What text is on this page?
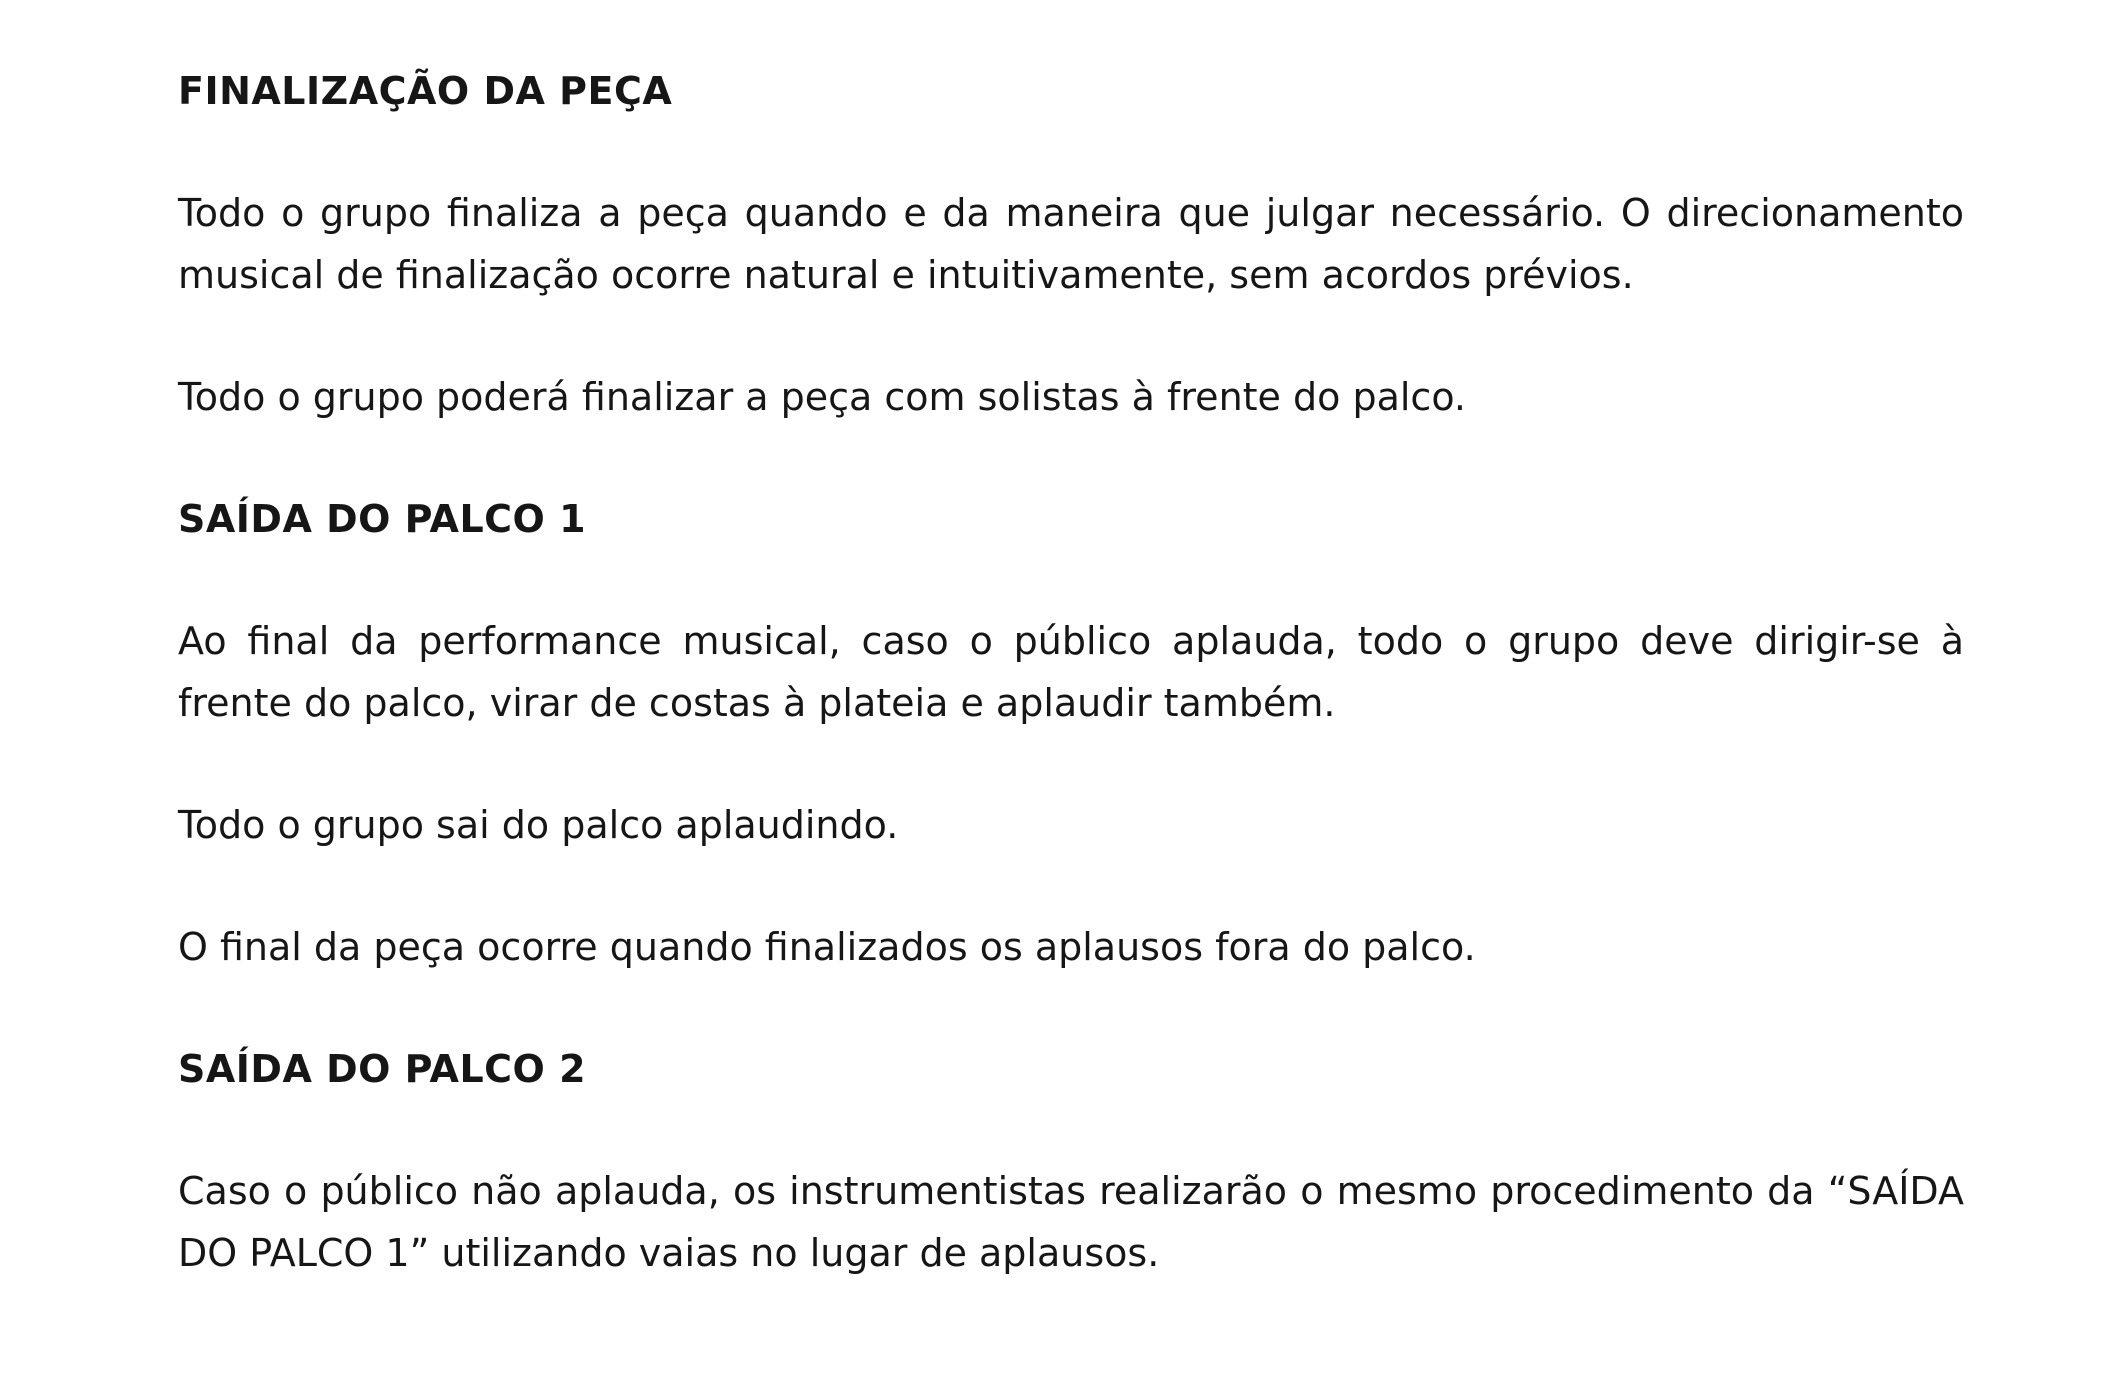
FINALIZAÇÃO DA PEÇA
Todo o grupo finaliza a peça quando e da maneira que julgar necessário. O direcionamento musical de finalização ocorre natural e intuitivamente, sem acordos prévios.
Todo o grupo poderá finalizar a peça com solistas à frente do palco.
SAÍDA DO PALCO 1
Ao final da performance musical, caso o público aplauda, todo o grupo deve dirigir-se à frente do palco, virar de costas à plateia e aplaudir também.
Todo o grupo sai do palco aplaudindo.
O final da peça ocorre quando finalizados os aplausos fora do palco.
SAÍDA DO PALCO 2
Caso o público não aplauda, os instrumentistas realizarão o mesmo procedimento da “SAÍDA DO PALCO 1” utilizando vaias no lugar de aplausos.
